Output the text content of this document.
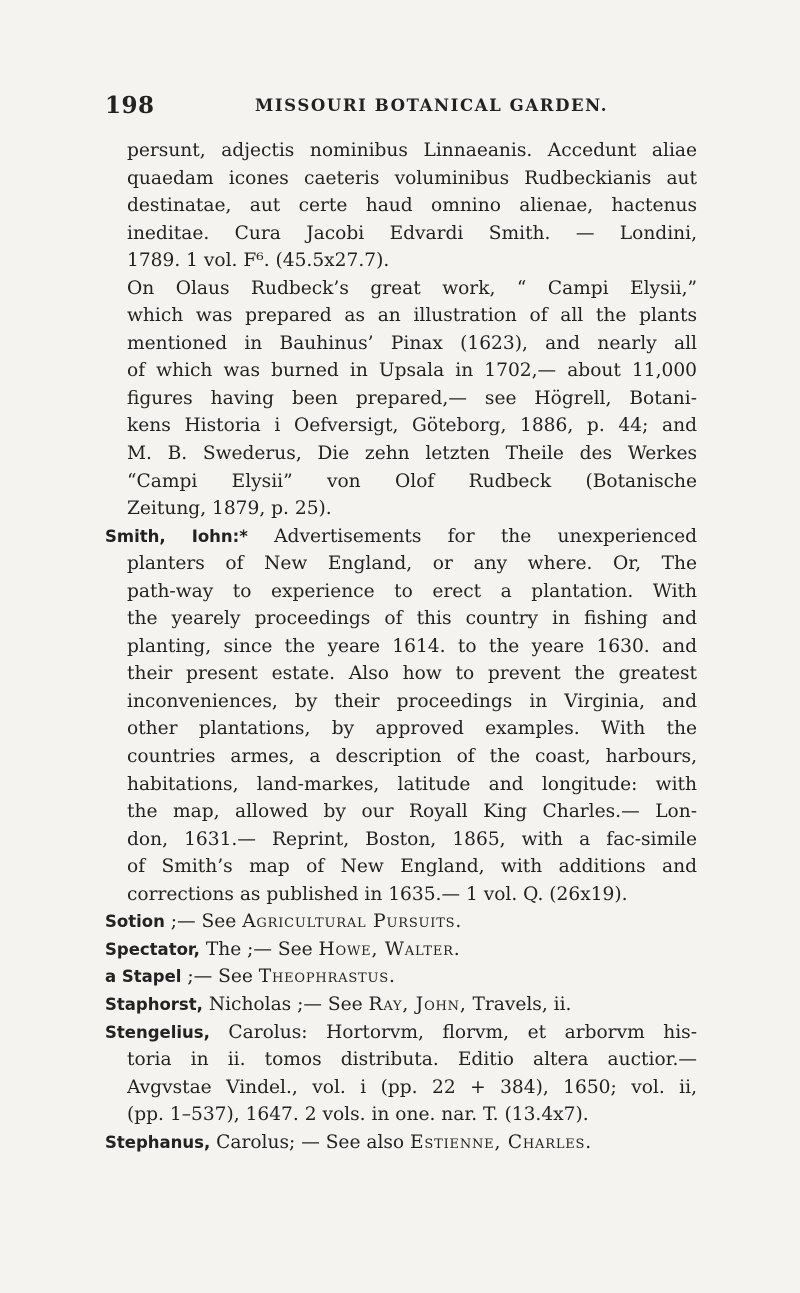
198	MISSOURI BOTANICAL GARDEN.
persunt, adjectis nominibus Linnaeanis. Accedunt aliae
quaedam icones caeteris voluminibus Rudbeckianis aut
destinatae, aut certe haud omnino alienae, hactenus
ineditae. Cura Jacobi Edvardi Smith. — Londini,
1789. 1 vol. F⁶. (45.5x27.7).
On Olaus Rudbeck’s great work, “ Campi Elysii,”
which was prepared as an illustration of all the plants
mentioned in Bauhinus’ Pinax (1623), and nearly all
of which was burned in Upsala in 1702,— about 11,000
figures having been prepared,— see Högrell, Botani-
kens Historia i Oefversigt, Göteborg, 1886, p. 44; and
M. B. Swederus, Die zehn letzten Theile des Werkes
“Campi Elysii” von Olof Rudbeck (Botanische
Zeitung, 1879, p. 25).
Smith, Iohn:* Advertisements for the unexperienced
planters of New England, or any where. Or, The
path-way to experience to erect a plantation. With
the yearely proceedings of this country in fishing and
planting, since the yeare 1614. to the yeare 1630. and
their present estate. Also how to prevent the greatest
inconveniences, by their proceedings in Virginia, and
other plantations, by approved examples. With the
countries armes, a description of the coast, harbours,
habitations, land-markes, latitude and longitude: with
the map, allowed by our Royall King Charles.— Lon-
don, 1631.— Reprint, Boston, 1865, with a fac-simile
of Smith’s map of New England, with additions and
corrections as published in 1635.— 1 vol. Q. (26x19).
Sotion ;— See Agricultural Pursuits.
Spectator, The ;— See Howe, Walter.
a Stapel ;— See Theophrastus.
Staphorst, Nicholas ;— See Ray, John, Travels, ii.
Stengelius, Carolus: Hortorvm, florvm, et arborvm his-
toria in ii. tomos distributa. Editio altera auctior.—
Avgvstae Vindel., vol. i (pp. 22 + 384), 1650; vol. ii,
(pp. 1–537), 1647. 2 vols. in one. nar. T. (13.4x7).
Stephanus, Carolus; — See also Estienne, Charles.
